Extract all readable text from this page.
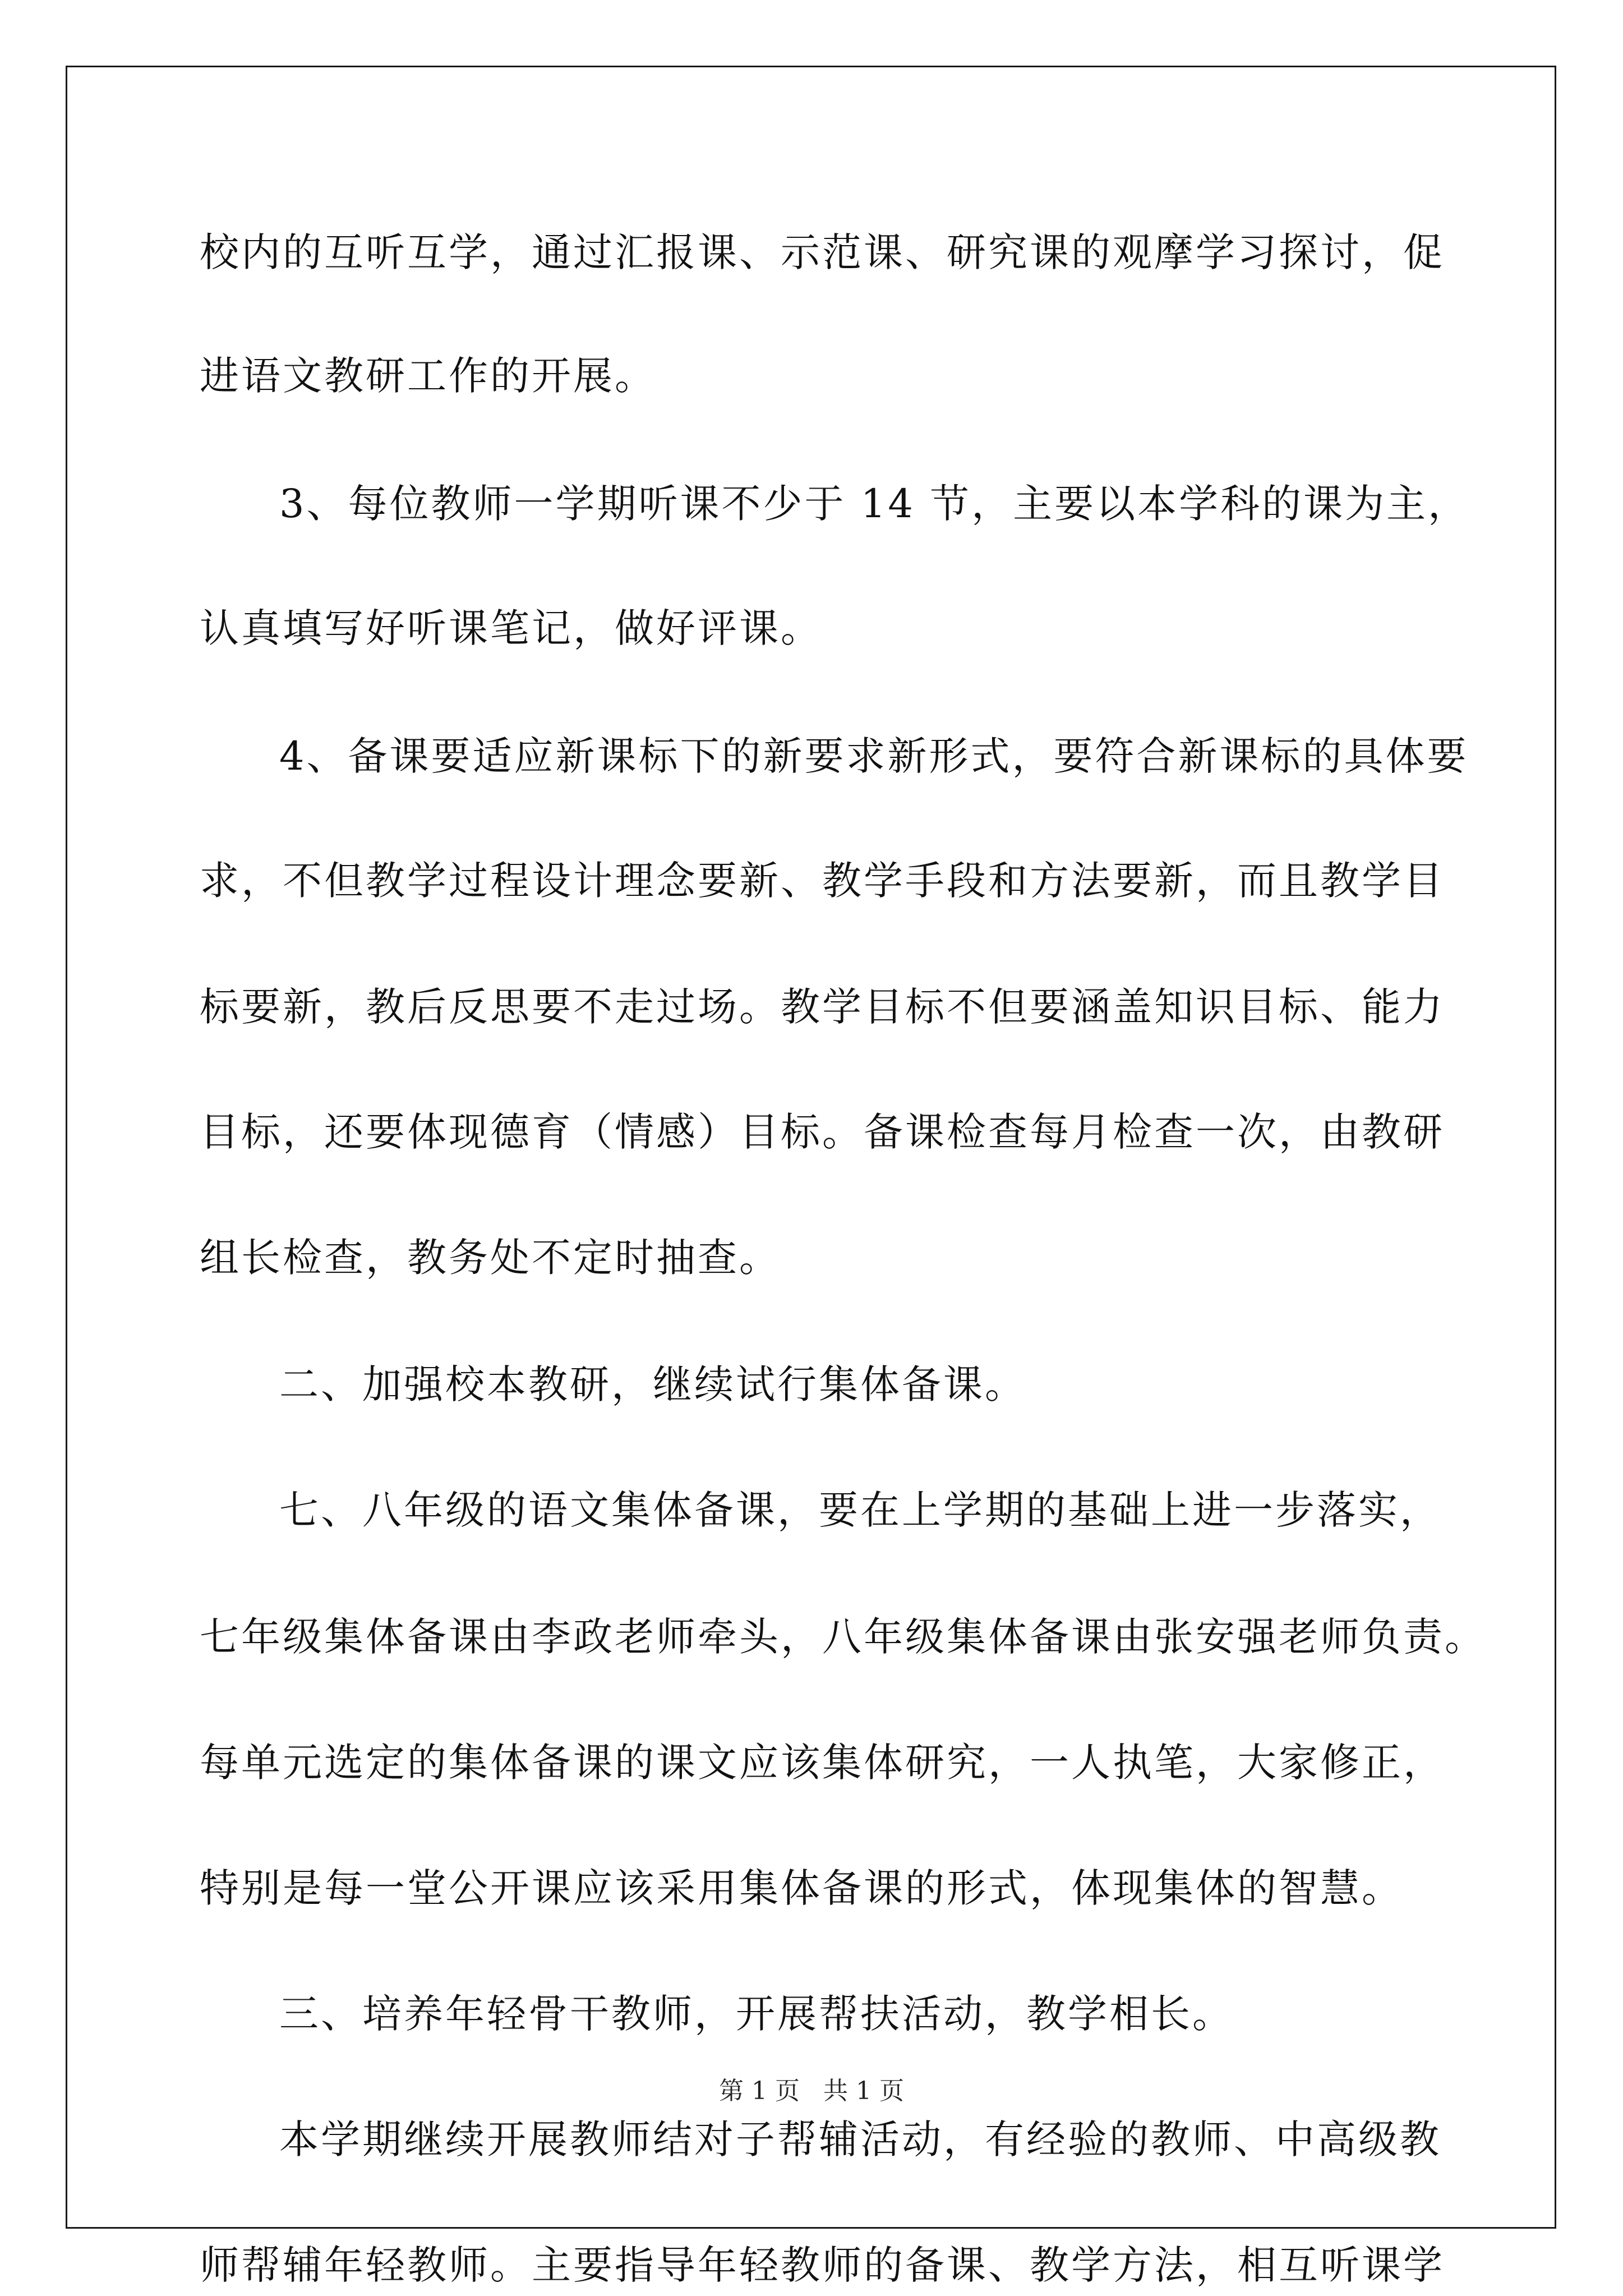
校内的互听互学，通过汇报课、示范课、研究课的观摩学习探讨，促
进语文教研工作的开展。
3、每位教师一学期听课不少于 14 节，主要以本学科的课为主，
认真填写好听课笔记，做好评课。
4、备课要适应新课标下的新要求新形式，要符合新课标的具体要
求，不但教学过程设计理念要新、教学手段和方法要新，而且教学目
标要新，教后反思要不走过场。教学目标不但要涵盖知识目标、能力
目标，还要体现德育（情感）目标。备课检查每月检查一次，由教研
组长检查，教务处不定时抽查。
二、加强校本教研，继续试行集体备课。
七、八年级的语文集体备课，要在上学期的基础上进一步落实，
七年级集体备课由李政老师牵头，八年级集体备课由张安强老师负责。
每单元选定的集体备课的课文应该集体研究，一人执笔，大家修正，
特别是每一堂公开课应该采用集体备课的形式，体现集体的智慧。
三、培养年轻骨干教师，开展帮扶活动，教学相长。
本学期继续开展教师结对子帮辅活动，有经验的教师、中高级教
师帮辅年轻教师。主要指导年轻教师的备课、教学方法，相互听课学
第 1 页   共 1 页
